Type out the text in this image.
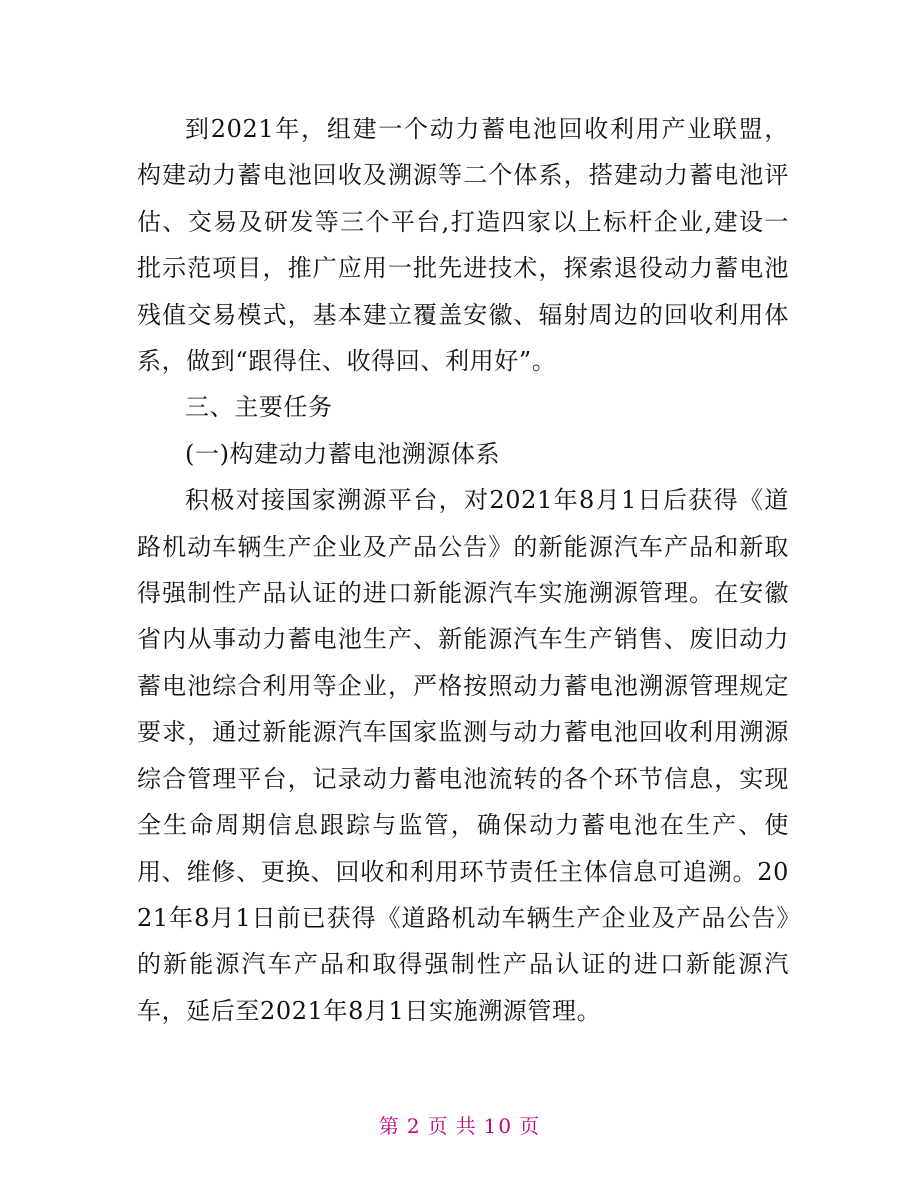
到2021年，组建一个动力蓄电池回收利用产业联盟，构建动力蓄电池回收及溯源等二个体系，搭建动力蓄电池评估、交易及研发等三个平台,打造四家以上标杆企业,建设一批示范项目，推广应用一批先进技术，探索退役动力蓄电池残值交易模式，基本建立覆盖安徽、辐射周边的回收利用体系，做到“跟得住、收得回、利用好”。

三、主要任务

(一)构建动力蓄电池溯源体系

积极对接国家溯源平台，对2021年8月1日后获得《道路机动车辆生产企业及产品公告》的新能源汽车产品和新取得强制性产品认证的进口新能源汽车实施溯源管理。在安徽省内从事动力蓄电池生产、新能源汽车生产销售、废旧动力蓄电池综合利用等企业，严格按照动力蓄电池溯源管理规定要求，通过新能源汽车国家监测与动力蓄电池回收利用溯源综合管理平台，记录动力蓄电池流转的各个环节信息，实现全生命周期信息跟踪与监管，确保动力蓄电池在生产、使用、维修、更换、回收和利用环节责任主体信息可追溯。2021年8月1日前已获得《道路机动车辆生产企业及产品公告》的新能源汽车产品和取得强制性产品认证的进口新能源汽车，延后至2021年8月1日实施溯源管理。

第 2 页 共 10 页
